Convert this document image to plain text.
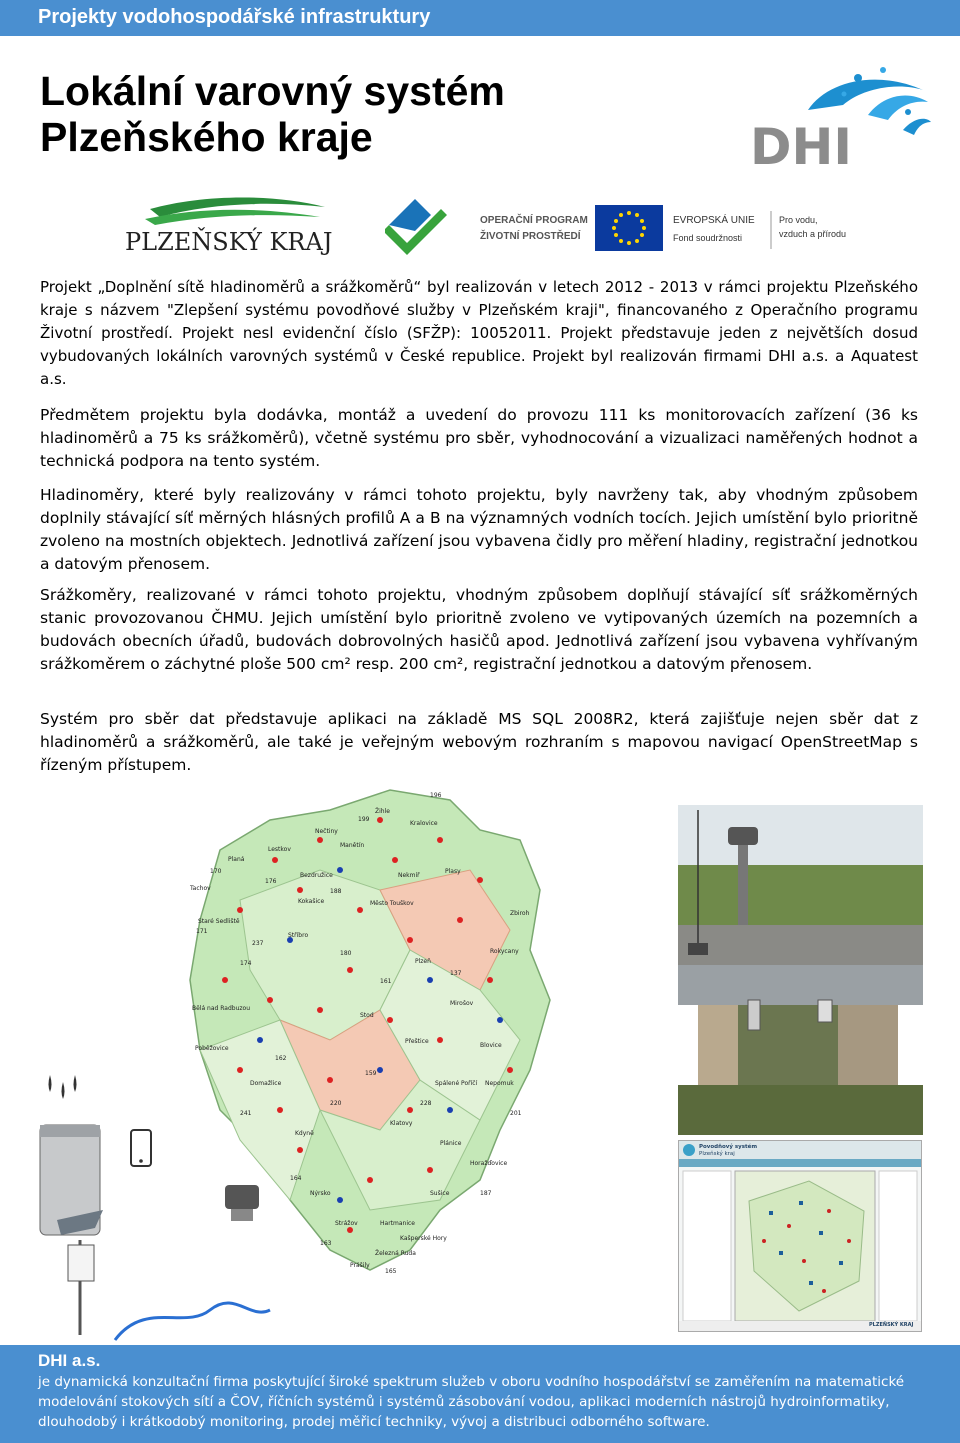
Projekty vodohospodářské infrastruktury
Lokální varovný systém
Plzeňského kraje	DHI
PLZEŇSKÝ KRAJ
OPERAČNÍ PROGRAM
ŽIVOTNÍ PROSTŘEDÍ
EVROPSKÁ UNIE
Fond soudržnosti
Pro vodu,
vzduch a přírodu

Projekt „Doplnění sítě hladinoměrů a srážkoměrů“ byl realizován v letech 2012 - 2013 v rámci projektu Plzeňského kraje s názvem "Zlepšení systému povodňové služby v Plzeňském kraji", financovaného z Operačního programu Životní prostředí. Projekt nesl evidenční číslo (SFŽP): 10052011. Projekt představuje jeden z největších dosud vybudovaných lokálních varovných systémů v České republice. Projekt byl realizován firmami DHI a.s. a Aquatest a.s.

Předmětem projektu byla dodávka, montáž a uvedení do provozu 111 ks monitorovacích zařízení (36 ks hladinoměrů a 75 ks srážkoměrů), včetně systému pro sběr, vyhodnocování a vizualizaci naměřených hodnot a technická podpora na tento systém.

Hladinoměry, které byly realizovány v rámci tohoto projektu, byly navrženy tak, aby vhodným způsobem doplnily stávající síť měrných hlásných profilů A a B na významných vodních tocích. Jejich umístění bylo prioritně zvoleno na mostních objektech. Jednotlivá zařízení jsou vybavena čidly pro měření hladiny, registrační jednotkou a datovým přenosem.

Srážkoměry, realizované v rámci tohoto projektu, vhodným způsobem doplňují stávající síť srážkoměrných stanic provozovanou ČHMU. Jejich umístění bylo prioritně zvoleno ve vytipovaných územích na pozemních a budovách obecních úřadů, budovách dobrovolných hasičů apod. Jednotlivá zařízení jsou vybavena vyhřívaným srážkoměrem o záchytné ploše 500 cm² resp. 200 cm², registrační jednotkou a datovým přenosem.

Systém pro sběr dat představuje aplikaci na základě MS SQL 2008R2, která zajišťuje nejen sběr dat z hladinoměrů a srážkoměrů, ale také je veřejným webovým rozhraním s mapovou navigací OpenStreetMap s řízeným přístupem.

Žihle
Nečtiny
Manětín
Planá
Lestkov
Bezdružice
Kokašice
Tachov
Nekmíř
Plasy
Stříbro
Město Touškov
Plzeň
Rokycany
Zbiroh
Stod
Přeštice
Blovice
Nepomuk
Klatovy
Domažlice
Kdyně
Sušice
Nýrsko
Horažďovice
Strážov
Poběžovice
Bělá nad Radbuzou
Staré Sedliště
Kralovice
Mirošov
Spálené Poříčí
Plánice
Železná Ruda
Hartmanice
Kašperské Hory
Prášily
196
199
170
176
188
171
237
174
180
161
137
159
162
220	228
201
241
187
165
163
164
Povodňový systém
Plzeňský kraj
PLZEŇSKÝ KRAJ
DHI a.s.

je dynamická konzultační firma poskytující široké spektrum služeb v oboru vodního hospodářství se zaměřením na matematické modelování stokových sítí a ČOV, říčních systémů i systémů zásobování vodou, aplikaci moderních nástrojů hydroinformatiky, dlouhodobý i krátkodobý monitoring, prodej měřicí techniky, vývoj a distribuci odborného software.
